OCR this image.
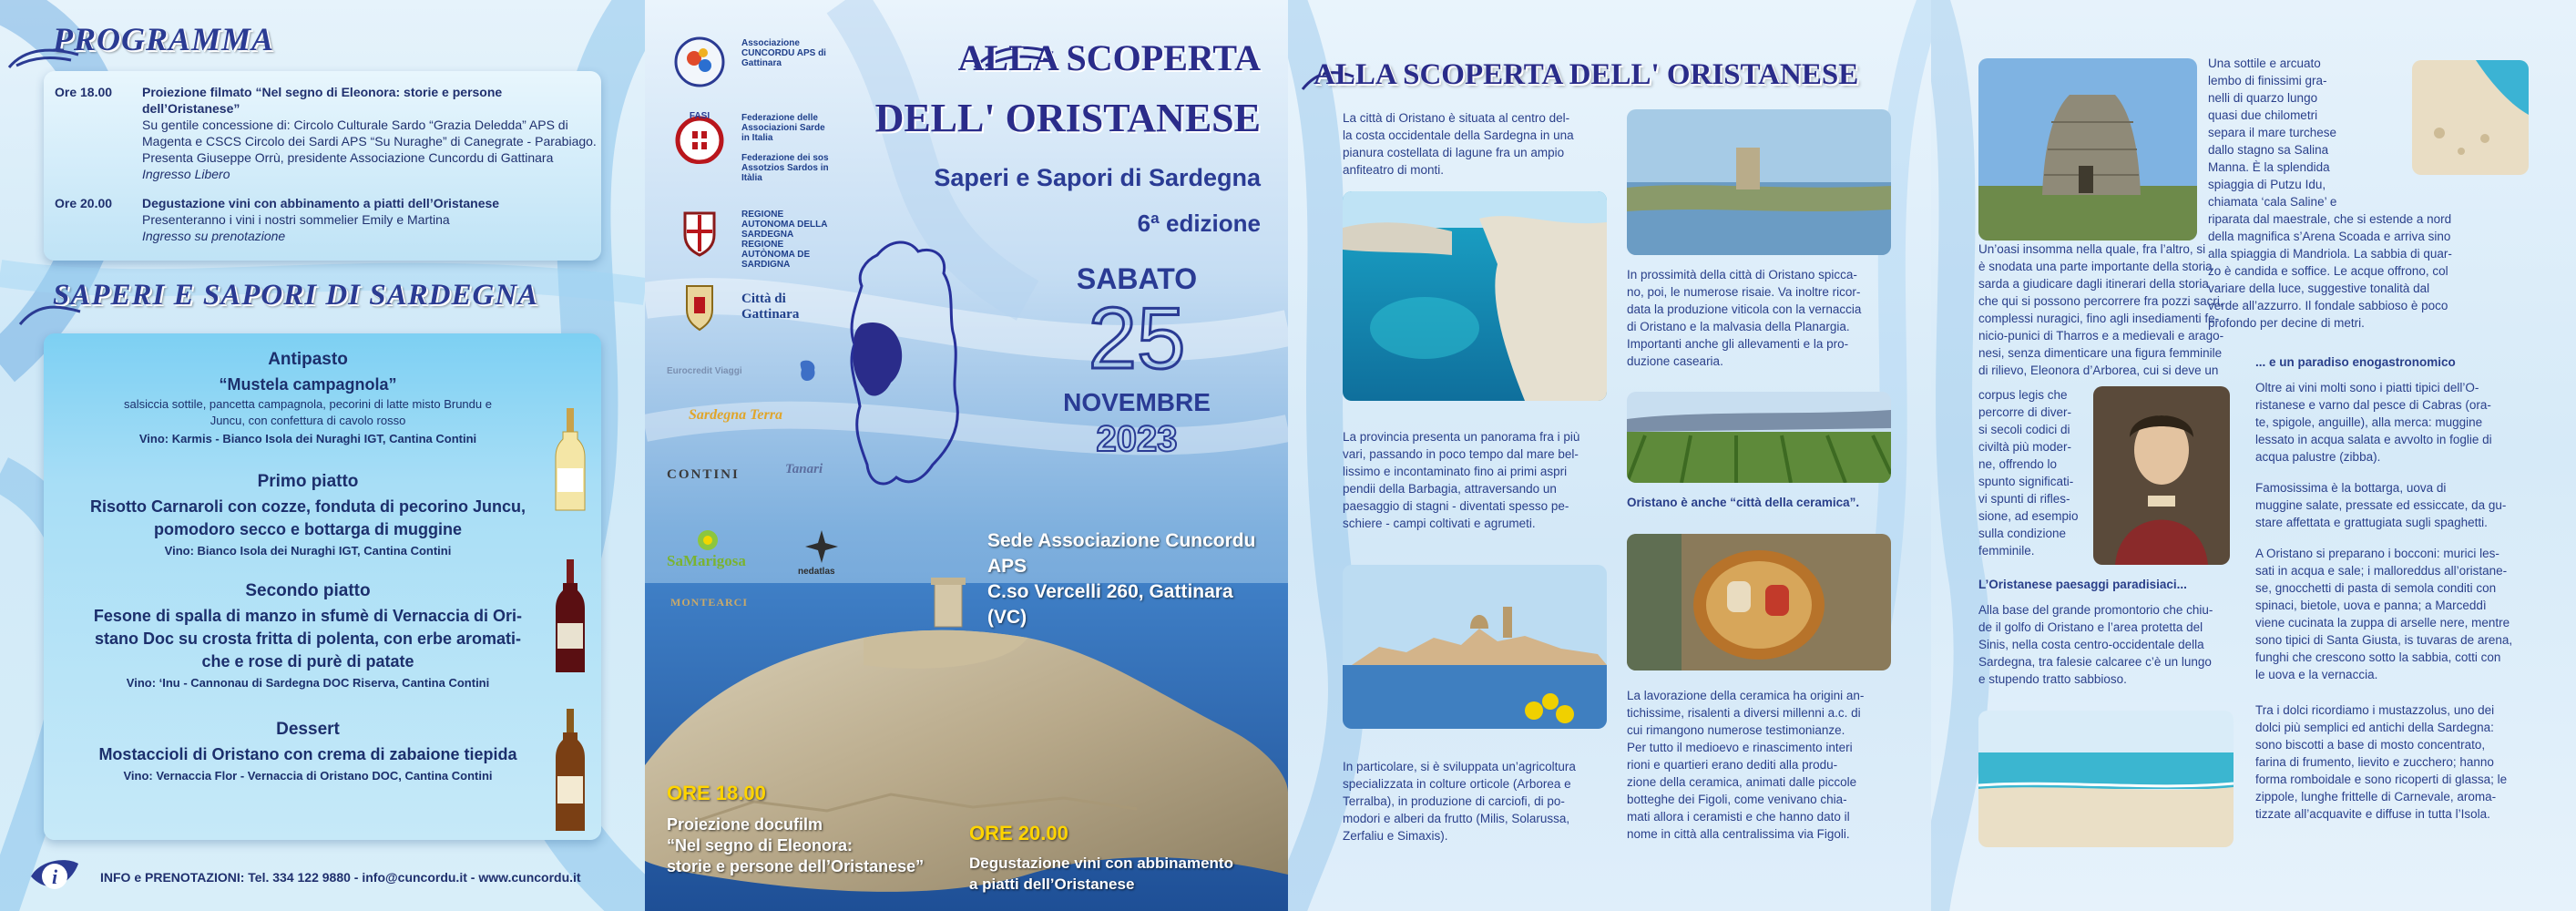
PROGRAMMA
Ore 18.00	Proiezione filmato “Nel segno di Eleonora: storie e persone dell’Oristanese”
Su gentile concessione di: Circolo Culturale Sardo “Grazia Deledda” APS di
Magenta e CSCS Circolo dei Sardi APS “Su Nuraghe” di Canegrate - Parabiago.
Presenta Giuseppe Orrù, presidente Associazione Cuncordu di Gattinara
Ingresso Libero
Ore 20.00	Degustazione vini con abbinamento a piatti dell’Oristanese
Presenteranno i vini i nostri sommelier Emily e Martina
Ingresso su prenotazione
SAPERI E SAPORI DI SARDEGNA
Antipasto
“Mustela campagnola”
salsiccia sottile, pancetta campagnola, pecorini di latte misto Brundu e
Juncu, con confettura di cavolo rosso
Vino: Karmis - Bianco Isola dei Nuraghi IGT, Cantina Contini
Primo piatto
Risotto Carnaroli con cozze, fonduta di pecorino Juncu,
pomodoro secco e bottarga di muggine
Vino: Bianco Isola dei Nuraghi IGT, Cantina Contini
Secondo piatto
Fesone di spalla di manzo in sfumè di Vernaccia di Ori-
stano Doc su crosta fritta di polenta, con erbe aromati-
che e rose di purè di patate
Vino: ‘Inu - Cannonau di Sardegna DOC Riserva, Cantina Contini
Dessert
Mostaccioli di Oristano con crema di zabaione tiepida
Vino: Vernaccia Flor - Vernaccia di Oristano DOC, Cantina Contini
i	INFO e PRENOTAZIONI: Tel. 334 122 9880 - info@cuncordu.it - www.cuncordu.it
Associazione CUNCORDU APS di Gattinara
FASI	Federazione delle Associazioni Sarde in Italia

Federazione dei sos Assotzios Sardos in Itàlia
REGIONE AUTONOMA DELLA SARDEGNA
REGIONE AUTÒNOMA DE SARDIGNA
Città di Gattinara
Eurocredit Viaggi
Sardegna Terra
CONTINI	Tanari
SaMarigosa
nedatlas
MONTEARCI
ALLA SCOPERTA
DELL' ORISTANESE
Saperi e Sapori di Sardegna
6ª edizione
SABATO
25
NOVEMBRE
2023
Sede Associazione Cuncordu APS
C.so Vercelli 260, Gattinara (VC)
ORE 18.00
Proiezione docufilm
“Nel segno di Eleonora:
storie e persone dell’Oristanese”
ORE 20.00
Degustazione vini con abbinamento
a piatti dell’Oristanese
ALLA SCOPERTA DELL' ORISTANESE
La città di Oristano è situata al centro del-
la costa occidentale della Sardegna in una
pianura costellata di lagune fra un ampio
anfiteatro di monti.
In prossimità della città di Oristano spicca-
no, poi, le numerose risaie. Va inoltre ricor-
data la produzione viticola con la vernaccia
di Oristano e la malvasia della Planargia.
Importanti anche gli allevamenti e la pro-
duzione casearia.
Oristano è anche “città della ceramica”.
La provincia presenta un panorama fra i più
vari, passando in poco tempo dal mare bel-
lissimo e incontaminato fino ai primi aspri
pendii della Barbagia, attraversando un
paesaggio di stagni - diventati spesso pe-
schiere - campi coltivati e agrumeti.
In particolare, si è sviluppata un’agricoltura
specializzata in colture orticole (Arborea e
Terralba), in produzione di carciofi, di po-
modori e alberi da frutto (Milis, Solarussa,
Zerfaliu e Simaxis).
La lavorazione della ceramica ha origini an-
tichissime, risalenti a diversi millenni a.c. di
cui rimangono numerose testimonianze.
Per tutto il medioevo e rinascimento interi
rioni e quartieri erano dediti alla produ-
zione della ceramica, animati dalle piccole
botteghe dei Figoli, come venivano chia-
mati allora i ceramisti e che hanno dato il
nome in città alla centralissima via Figoli.
Una sottile e arcuato
lembo di finissimi gra-
nelli di quarzo lungo
quasi due chilometri
separa il mare turchese
dallo stagno sa Salina
Manna. È la splendida
spiaggia di Putzu Idu,
chiamata ‘cala Saline’ e
riparata dal maestrale, che si estende a nord
della magnifica s’Arena Scoada e arriva sino
alla spiaggia di Mandriola. La sabbia di quar-
zo è candida e soffice. Le acque offrono, col
variare della luce, suggestive tonalità dal
verde all’azzurro. Il fondale sabbioso è poco
profondo per decine di metri.
Un’oasi insomma nella quale, fra l’altro, si
è snodata una parte importante della storia
sarda a giudicare dagli itinerari della storia
che qui si possono percorrere fra pozzi sacri,
complessi nuragici, fino agli insediamenti fe-
nicio-punici di Tharros e a medievali e arago-
nesi, senza dimenticare una figura femminile
di rilievo, Eleonora d’Arborea, cui si deve un
corpus legis che
percorre di diver-
si secoli codici di
civiltà più moder-
ne, offrendo lo
spunto significati-
vi spunti di rifles-
sione, ad esempio
sulla condizione
femminile.
L’Oristanese paesaggi paradisiaci...
Alla base del grande promontorio che chiu-
de il golfo di Oristano e l’area protetta del
Sinis, nella costa centro-occidentale della
Sardegna, tra falesie calcaree c’è un lungo
e stupendo tratto sabbioso.
... e un paradiso enogastronomico
Oltre ai vini molti sono i piatti tipici dell’O-
ristanese e varno dal pesce di Cabras (ora-
te, spigole, anguille), alla merca: muggine
lessato in acqua salata e avvolto in foglie di
acqua palustre (zibba).
Famosissima è la bottarga, uova di
muggine salate, pressate ed essiccate, da gu-
stare affettata e grattugiata sugli spaghetti.
A Oristano si preparano i bocconi: murici les-
sati in acqua e sale; i malloreddus all’oristane-
se, gnocchetti di pasta di semola conditi con
spinaci, bietole, uova e panna; a Marceddì
viene cucinata la zuppa di arselle nere, mentre
sono tipici di Santa Giusta, is tuvaras de arena,
funghi che crescono sotto la sabbia, cotti con
le uova e la vernaccia.
Tra i dolci ricordiamo i mustazzolus, uno dei
dolci più semplici ed antichi della Sardegna:
sono biscotti a base di mosto concentrato,
farina di frumento, lievito e zucchero; hanno
forma romboidale e sono ricoperti di glassa; le
zippole, lunghe frittelle di Carnevale, aroma-
tizzate all’acquavite e diffuse in tutta l’Isola.
